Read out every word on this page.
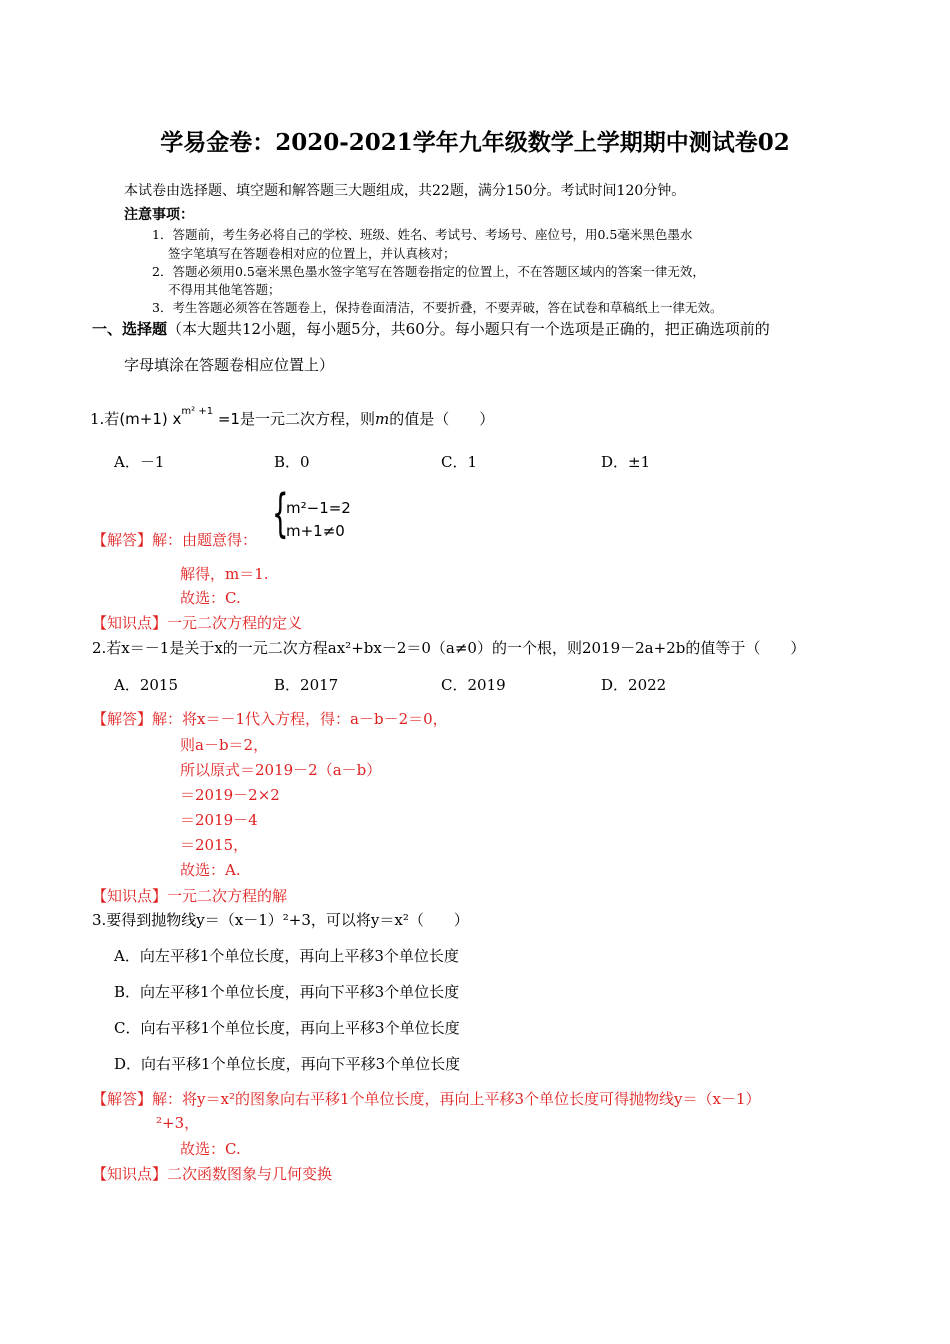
学易金卷：2020-2021学年九年级数学上学期期中测试卷02
本试卷由选择题、填空题和解答题三大题组成，共22题，满分150分。考试时间120分钟。
注意事项：
1．答题前，考生务必将自己的学校、班级、姓名、考试号、考场号、座位号，用0.5毫米黑色墨水
签字笔填写在答题卷相对应的位置上，并认真核对；
2．答题必须用0.5毫米黑色墨水签字笔写在答题卷指定的位置上，不在答题区域内的答案一律无效，
不得用其他笔答题；
3．考生答题必须答在答题卷上，保持卷面清洁，不要折叠，不要弄破，答在试卷和草稿纸上一律无效。
一、选择题（本大题共12小题，每小题5分，共60分。每小题只有一个选项是正确的，把正确选项前的
字母填涂在答题卷相应位置上）
1.若(m+1) $x^{m^2 +1} =1$是一元二次方程，则m的值是（　　）
A．－1	B．0	C．1	D．±1
【解答】解：由题意得： {
m²−1=2
m+1≠0
解得，m＝1.
故选：C.
【知识点】一元二次方程的定义
2.若x＝－1是关于x的一元二次方程ax²+bx－2＝0（a≠0）的一个根，则2019－2a+2b的值等于（　　）
A．2015	B．2017	C．2019	D．2022
【解答】解：将x＝－1代入方程，得：a－b－2＝0，
则a－b＝2，
所以原式＝2019－2（a－b）
＝2019－2×2
＝2019－4
＝2015，
故选：A.
【知识点】一元二次方程的解
3.要得到抛物线y＝（x－1）²+3，可以将y＝x²（　　）
A．向左平移1个单位长度，再向上平移3个单位长度
B．向左平移1个单位长度，再向下平移3个单位长度
C．向右平移1个单位长度，再向上平移3个单位长度
D．向右平移1个单位长度，再向下平移3个单位长度
【解答】解：将y＝x²的图象向右平移1个单位长度，再向上平移3个单位长度可得抛物线y＝（x－1）
²+3，
故选：C.
【知识点】二次函数图象与几何变换
